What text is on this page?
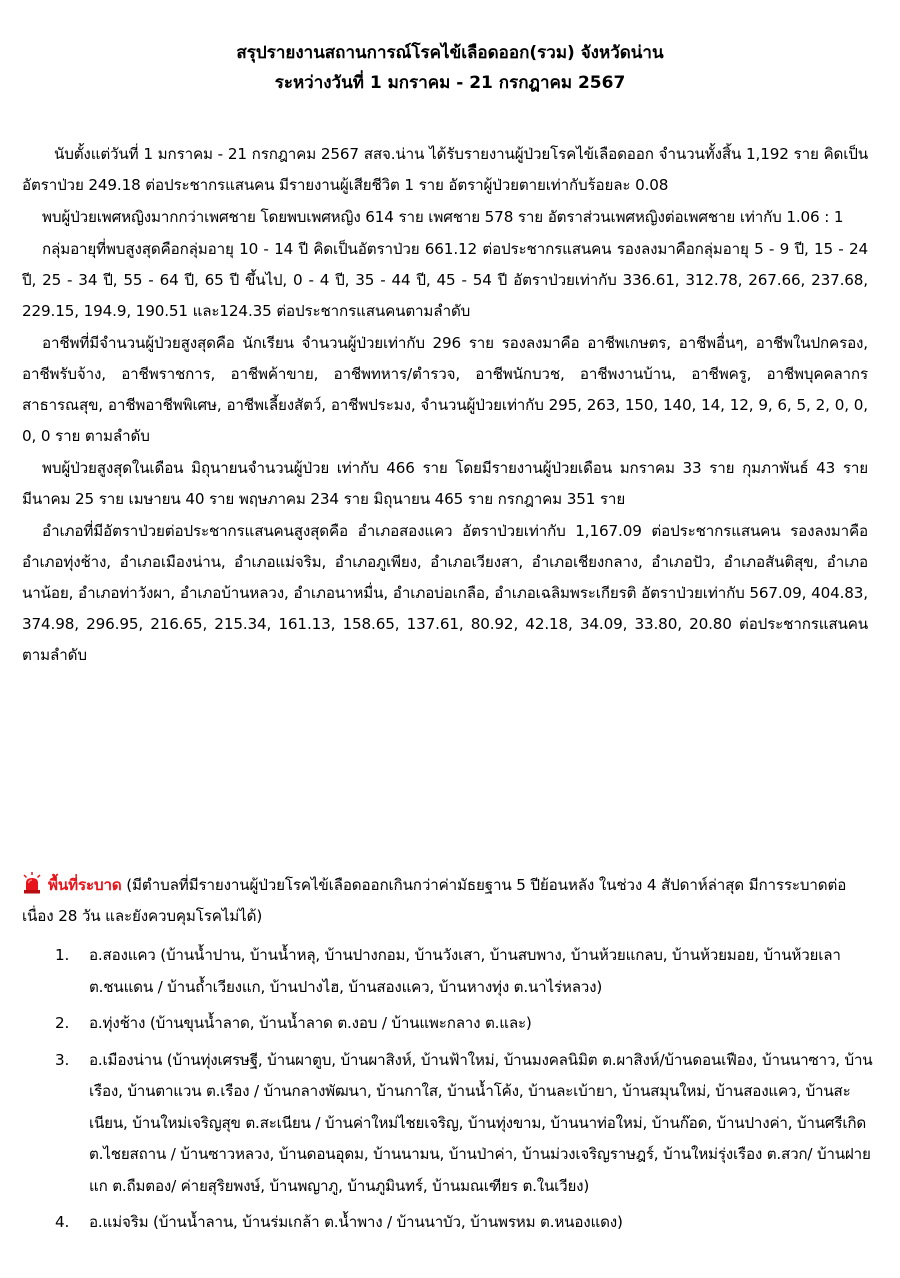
สรุปรายงานสถานการณ์โรคไข้เลือดออก(รวม) จังหวัดน่าน

ระหว่างวันที่ 1 มกราคม - 21 กรกฎาคม 2567

นับตั้งแต่วันที่ 1 มกราคม - 21 กรกฎาคม 2567 สสจ.น่าน ได้รับรายงานผู้ป่วยโรคไข้เลือดออก จำนวนทั้งสิ้น 1,192 ราย คิดเป็นอัตราป่วย 249.18 ต่อประชากรแสนคน มีรายงานผู้เสียชีวิต 1 ราย อัตราผู้ป่วยตายเท่ากับร้อยละ 0.08

พบผู้ป่วยเพศหญิงมากกว่าเพศชาย โดยพบเพศหญิง 614 ราย เพศชาย 578 ราย อัตราส่วนเพศหญิงต่อเพศชาย เท่ากับ 1.06 : 1

กลุ่มอายุที่พบสูงสุดคือกลุ่มอายุ 10 - 14 ปี คิดเป็นอัตราป่วย 661.12 ต่อประชากรแสนคน รองลงมาคือกลุ่มอายุ 5 - 9 ปี, 15 - 24 ปี, 25 - 34 ปี, 55 - 64 ปี, 65 ปี ขึ้นไป, 0 - 4 ปี, 35 - 44 ปี, 45 - 54 ปี อัตราป่วยเท่ากับ 336.61, 312.78, 267.66, 237.68, 229.15, 194.9, 190.51 และ124.35 ต่อประชากรแสนคนตามลำดับ

อาชีพที่มีจำนวนผู้ป่วยสูงสุดคือ นักเรียน จำนวนผู้ป่วยเท่ากับ 296 ราย รองลงมาคือ อาชีพเกษตร, อาชีพอื่นๆ, อาชีพในปกครอง, อาชีพรับจ้าง, อาชีพราชการ, อาชีพค้าขาย, อาชีพทหาร/ตำรวจ, อาชีพนักบวช, อาชีพงานบ้าน, อาชีพครู, อาชีพบุคคลากรสาธารณสุข, อาชีพอาชีพพิเศษ, อาชีพเลี้ยงสัตว์, อาชีพประมง, จำนวนผู้ป่วยเท่ากับ 295, 263, 150, 140, 14, 12, 9, 6, 5, 2, 0, 0, 0, 0 ราย ตามลำดับ

พบผู้ป่วยสูงสุดในเดือน มิถุนายนจำนวนผู้ป่วย เท่ากับ 466 ราย โดยมีรายงานผู้ป่วยเดือน มกราคม 33 ราย กุมภาพันธ์ 43 ราย มีนาคม 25 ราย เมษายน 40 ราย พฤษภาคม 234 ราย มิถุนายน 465 ราย กรกฎาคม 351 ราย

อำเภอที่มีอัตราป่วยต่อประชากรแสนคนสูงสุดคือ อำเภอสองแคว อัตราป่วยเท่ากับ 1,167.09 ต่อประชากรแสนคน รองลงมาคือ อำเภอทุ่งช้าง, อำเภอเมืองน่าน, อำเภอแม่จริม, อำเภอภูเพียง, อำเภอเวียงสา, อำเภอเชียงกลาง, อำเภอปัว, อำเภอสันติสุข, อำเภอนาน้อย, อำเภอท่าวังผา, อำเภอบ้านหลวง, อำเภอนาหมื่น, อำเภอบ่อเกลือ, อำเภอเฉลิมพระเกียรติ อัตราป่วยเท่ากับ 567.09, 404.83, 374.98, 296.95, 216.65, 215.34, 161.13, 158.65, 137.61, 80.92, 42.18, 34.09, 33.80, 20.80 ต่อประชากรแสนคน ตามลำดับ

พื้นที่ระบาด (มีตำบลที่มีรายงานผู้ป่วยโรคไข้เลือดออกเกินกว่าค่ามัธยฐาน 5 ปีย้อนหลัง ในช่วง 4 สัปดาห์ล่าสุด มีการระบาดต่อเนื่อง 28 วัน และยังควบคุมโรคไม่ได้)
1. อ.สองแคว (บ้านน้ำปาน, บ้านน้ำหลุ, บ้านปางกอม, บ้านวังเสา, บ้านสบพาง, บ้านห้วยแกลบ, บ้านห้วยมอย, บ้านห้วยเลา ต.ชนแดน / บ้านถ้ำเวียงแก, บ้านปางไฮ, บ้านสองแคว, บ้านหางทุ่ง ต.นาไร่หลวง)
2. อ.ทุ่งช้าง (บ้านขุนน้ำลาด, บ้านน้ำลาด ต.งอบ / บ้านแพะกลาง ต.และ)
3. อ.เมืองน่าน (บ้านทุ่งเศรษฐี, บ้านผาตูบ, บ้านผาสิงห์, บ้านฟ้าใหม่, บ้านมงคลนิมิต ต.ผาสิงห์/บ้านดอนเฟือง, บ้านนาซาว, บ้านเรือง, บ้านตาแวน ต.เรือง / บ้านกลางพัฒนา, บ้านกาใส, บ้านน้ำโค้ง, บ้านละเบ้ายา, บ้านสมุนใหม่, บ้านสองแคว, บ้านสะเนียน, บ้านใหม่เจริญสุข ต.สะเนียน / บ้านค่าใหม่ไชยเจริญ, บ้านทุ่งขาม, บ้านนาท่อใหม่, บ้านก๊อด, บ้านปางค่า, บ้านศรีเกิด ต.ไชยสถาน / บ้านซาวหลวง, บ้านดอนอุดม, บ้านนามน, บ้านป่าค่า, บ้านม่วงเจริญราษฎร์, บ้านใหม่รุ่งเรือง ต.สวก/ บ้านฝายแก ต.ถืมตอง/ ค่ายสุริยพงษ์, บ้านพญาภู, บ้านภูมินทร์, บ้านมณเฑียร ต.ในเวียง)
4. อ.แม่จริม (บ้านน้ำลาน, บ้านร่มเกล้า ต.น้ำพาง / บ้านนาบัว, บ้านพรหม ต.หนองแดง)
